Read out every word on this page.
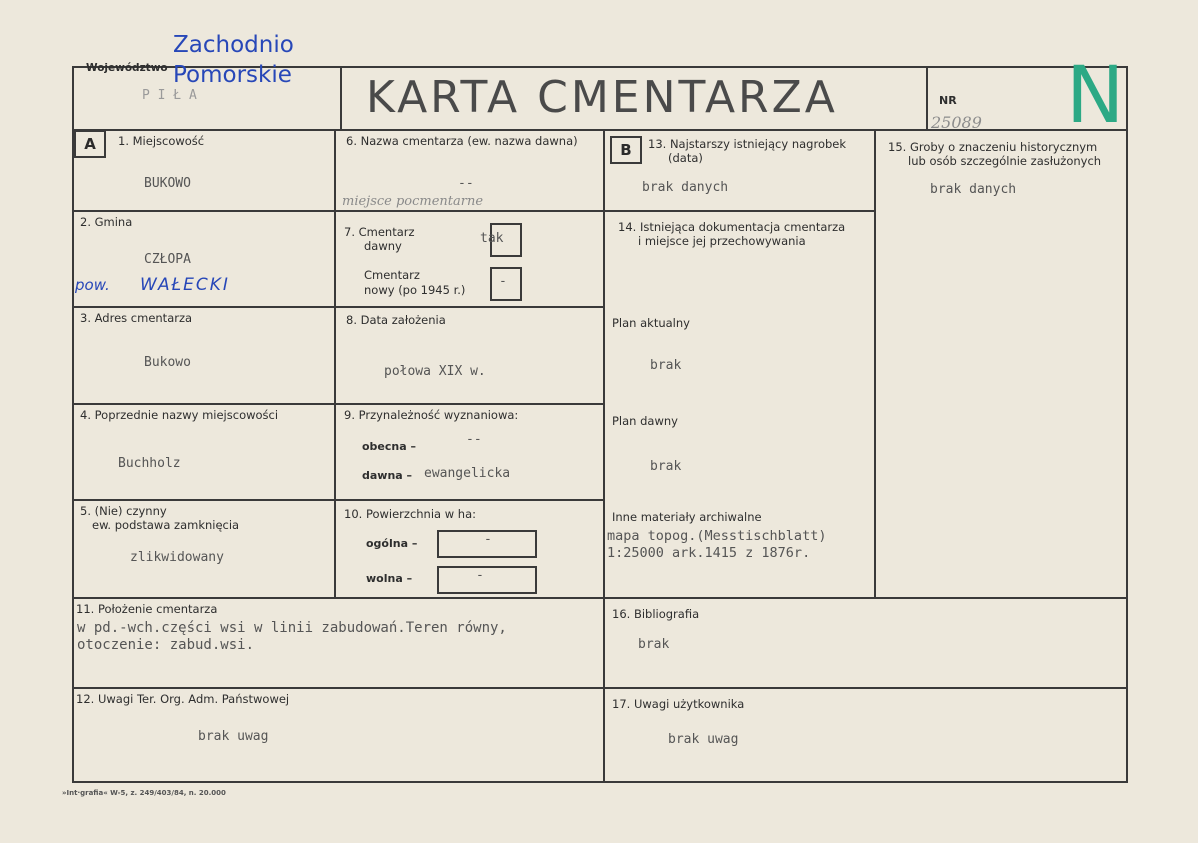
Województwo
Zachodnio
Pomorskie
P I Ł A	KARTA CMENTARZA	NR
25089 N
A	B
1. Miejscowość
BUKOWO
2. Gmina
CZŁOPA
pow. WAŁECKI
3. Adres cmentarza
Bukowo
4. Poprzednie nazwy miejscowości
Buchholz
5. (Nie) czynny
ew. podstawa zamknięcia
zlikwidowany
6. Nazwa cmentarza (ew. nazwa dawna)
--
miejsce pocmentarne
7. Cmentarz
dawny	tak
Cmentarz
nowy (po 1945 r.)
-
8. Data założenia
połowa XIX w.
9. Przynależność wyznaniowa:
obecna –	--
dawna – ewangelicka
10. Powierzchnia w ha:
ogólna –	-
wolna –	-
13. Najstarszy istniejący nagrobek
(data)
brak danych
14. Istniejąca dokumentacja cmentarza
i miejsce jej przechowywania
Plan aktualny
brak
Plan dawny
brak
Inne materiały archiwalne
mapa topog.(Messtischblatt)
1:25000 ark.1415 z 1876r.
15. Groby o znaczeniu historycznym
lub osób szczególnie zasłużonych
brak danych
11. Położenie cmentarza
w pd.-wch.części wsi w linii zabudowań.Teren równy,
otoczenie: zabud.wsi.
16. Bibliografia
brak
12. Uwagi Ter. Org. Adm. Państwowej
brak uwag
17. Uwagi użytkownika
brak uwag
»Int·grafia« W-5, z. 249/403/84, n. 20.000
